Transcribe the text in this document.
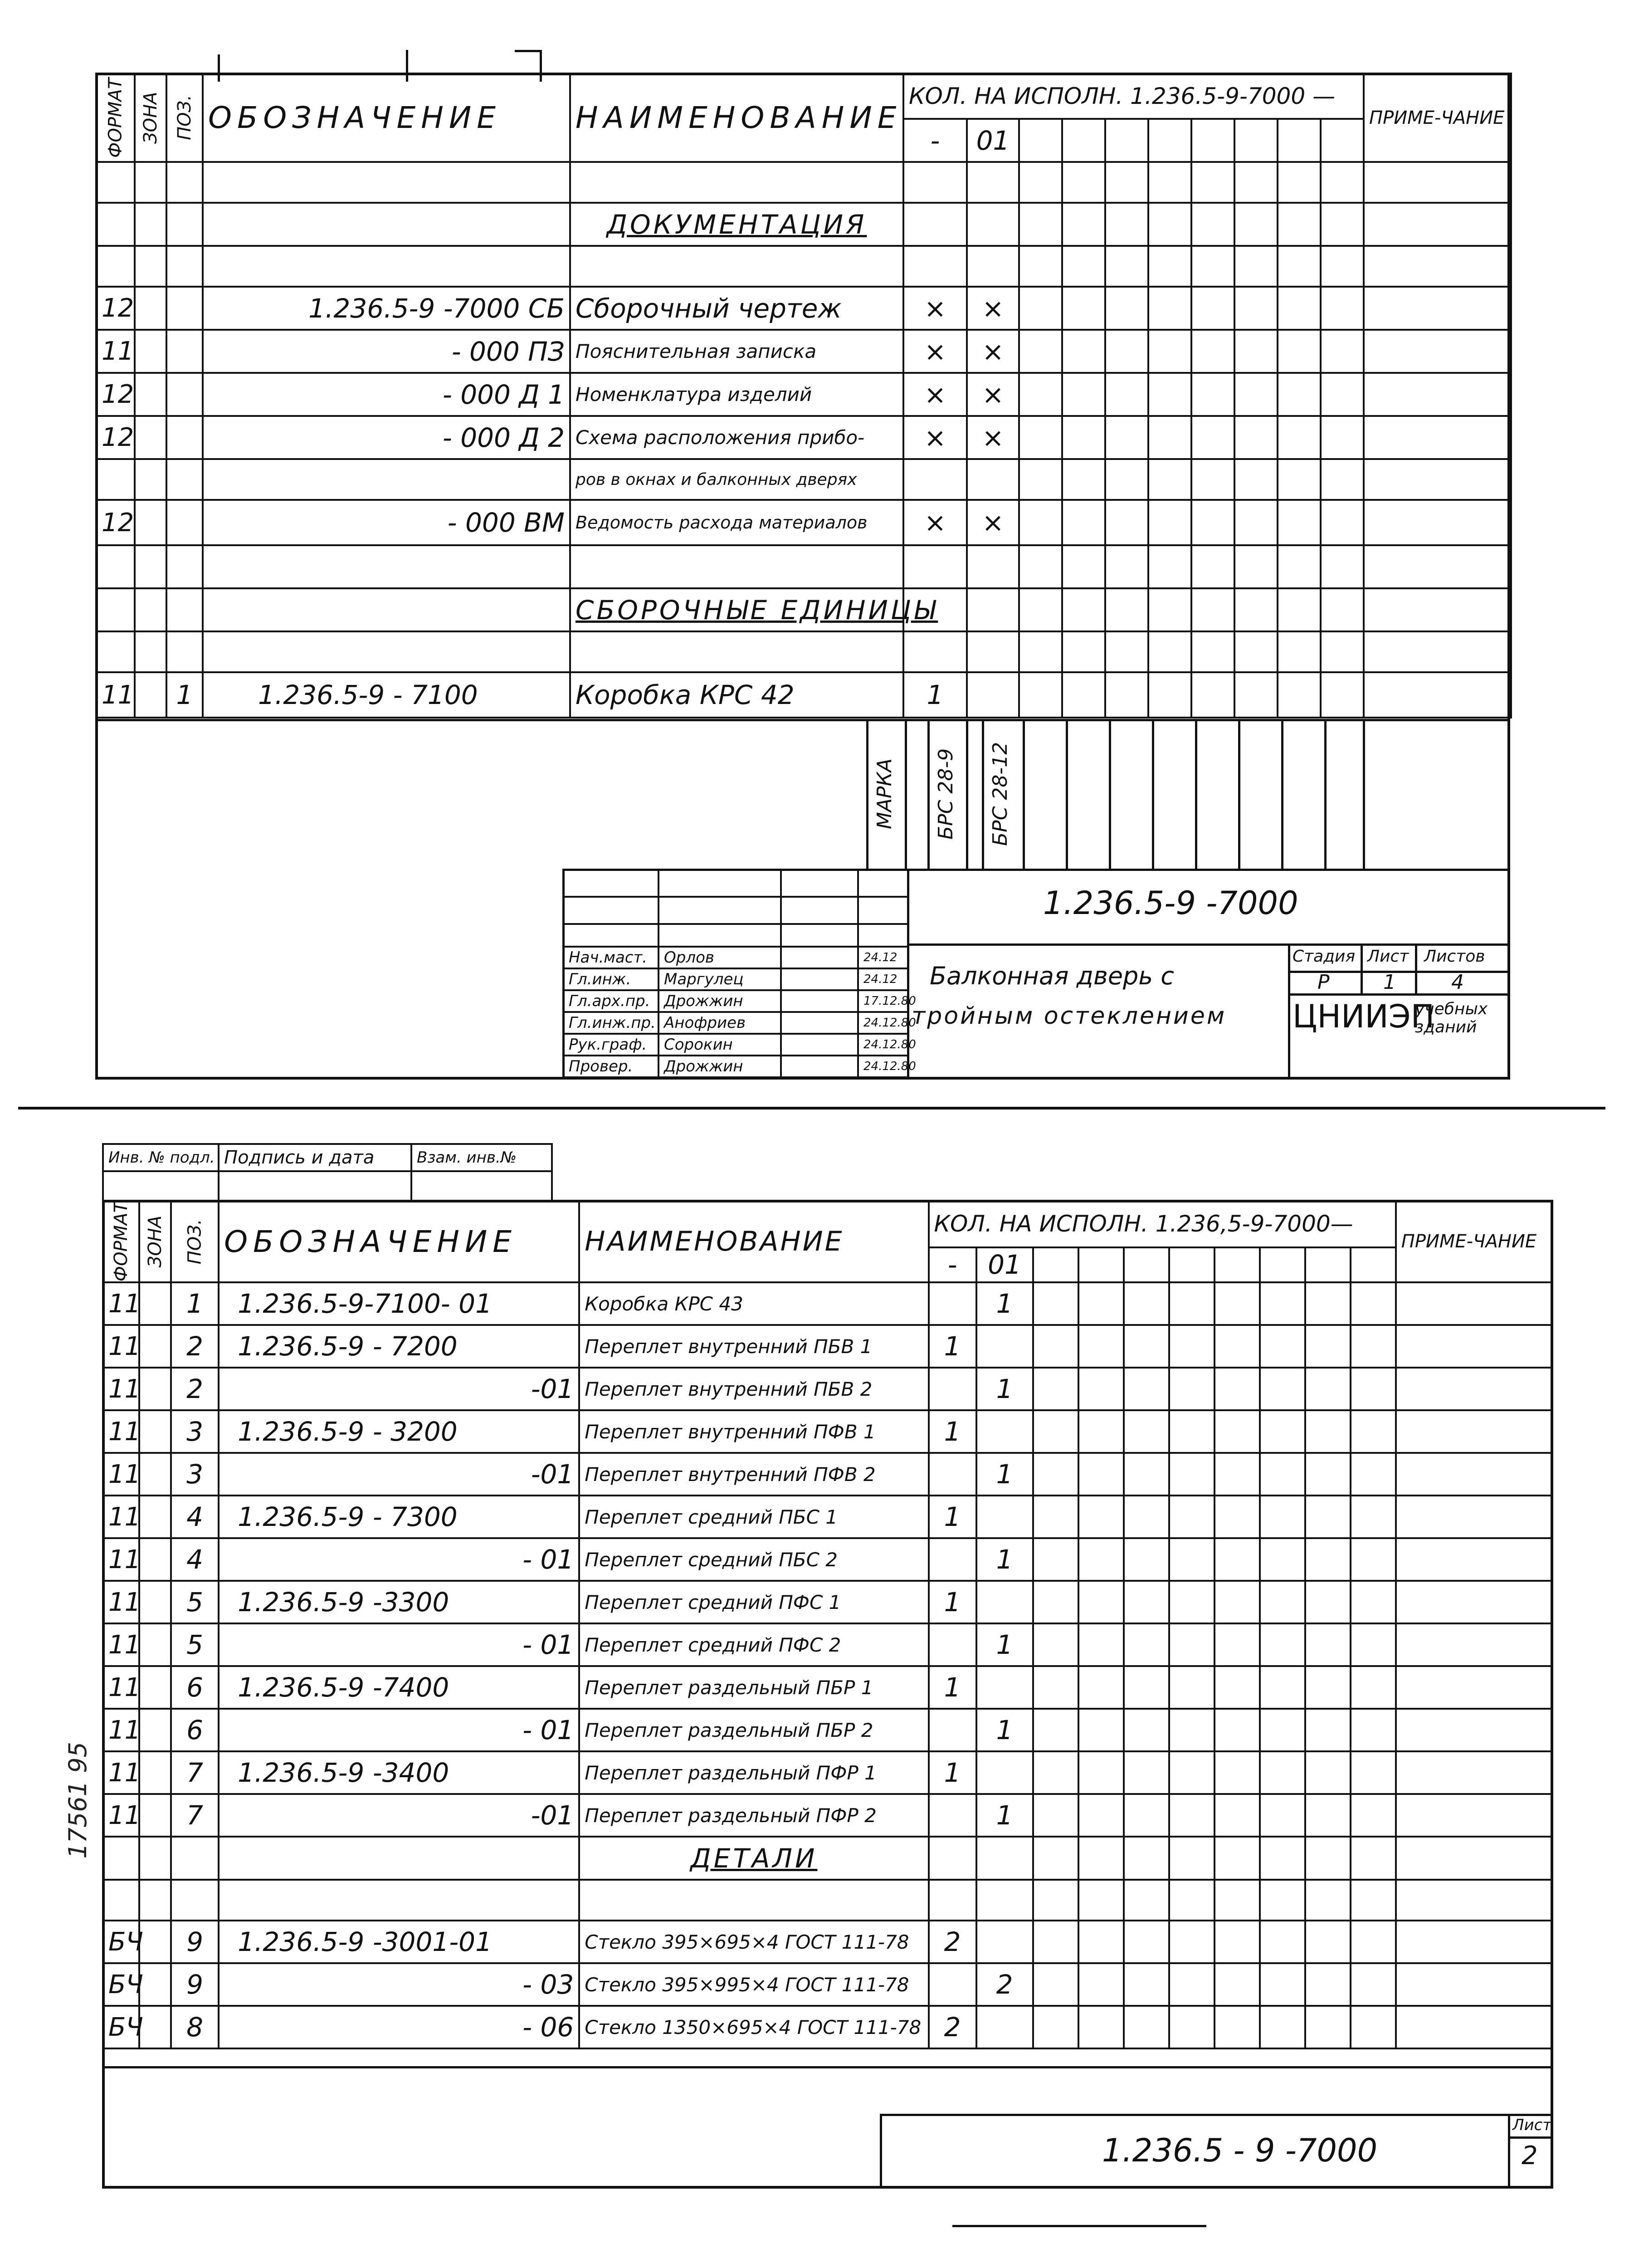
ФОРМАТ	ЗОНА	ПОЗ.	ОБОЗНАЧЕНИЕ	НАИМЕНОВАНИЕ	КОЛ. НА ИСПОЛН. 1.236.5-9-7000 —										ПРИМЕ-ЧАНИЕ
					-	01									

				ДОКУМЕНТАЦИЯ											

12			1.236.5-9 -7000 СБ	Сборочный чертеж	×	×									
11			- 000 ПЗ	Пояснительная записка	×	×									
12			- 000 Д 1	Номенклатура изделий	×	×									
12			- 000 Д 2	Схема расположения прибо-	×	×									
				ров в окнах и балконных дверях											
12			- 000 ВМ	Ведомость расхода материалов	×	×									

				СБОРОЧНЫЕ ЕДИНИЦЫ											

11		1	1.236.5-9 - 7100	Коробка КРС 42	1										
МАРКА БРС 28-9 БРС 28-12
1.236.5-9 -7000
Балконная дверь с
тройным остеклением
Стадия Лист Листов
Р	1	4
ЦНИИЭП
учебных зданий

Нач.маст.	Орлов		24.12
Гл.инж.	Маргулец		24.12
Гл.арх.пр.	Дрожжин		17.12.80
Гл.инж.пр.	Анофриев		24.12.80
Рук.граф.	Сорокин		24.12.80
Провер.	Дрожжин		24.12.80
Инв. № подл.	Подпись и дата	Взам. инв.№

ФОРМАТ	ЗОНА	ПОЗ.	ОБОЗНАЧЕНИЕ	НАИМЕНОВАНИЕ	КОЛ. НА ИСПОЛН. 1.236,5-9-7000—										ПРИМЕ-ЧАНИЕ
					-	01									
11		1	1.236.5-9-7100- 01	Коробка КРС 43		1									
11		2	1.236.5-9 - 7200	Переплет внутренний ПБВ 1	1										
11		2	-01	Переплет внутренний ПБВ 2		1									
11		3	1.236.5-9 - 3200	Переплет внутренний ПФВ 1	1										
11		3	-01	Переплет внутренний ПФВ 2		1									
11		4	1.236.5-9 - 7300	Переплет средний ПБС 1	1										
11		4	- 01	Переплет средний ПБС 2		1									
11		5	1.236.5-9 -3300	Переплет средний ПФС 1	1										
11		5	- 01	Переплет средний ПФС 2		1									
11		6	1.236.5-9 -7400	Переплет раздельный ПБР 1	1										
11		6	- 01	Переплет раздельный ПБР 2		1									
11		7	1.236.5-9 -3400	Переплет раздельный ПФР 1	1										
11		7	-01	Переплет раздельный ПФР 2		1									
				ДЕТАЛИ											

БЧ		9	1.236.5-9 -3001-01	Стекло 395×695×4 ГОСТ 111-78	2										
БЧ		9	- 03	Стекло 395×995×4 ГОСТ 111-78		2									
БЧ		8	- 06	Стекло 1350×695×4 ГОСТ 111-78	2										
1.236.5 - 9 -7000
Лист
2
17561 95
